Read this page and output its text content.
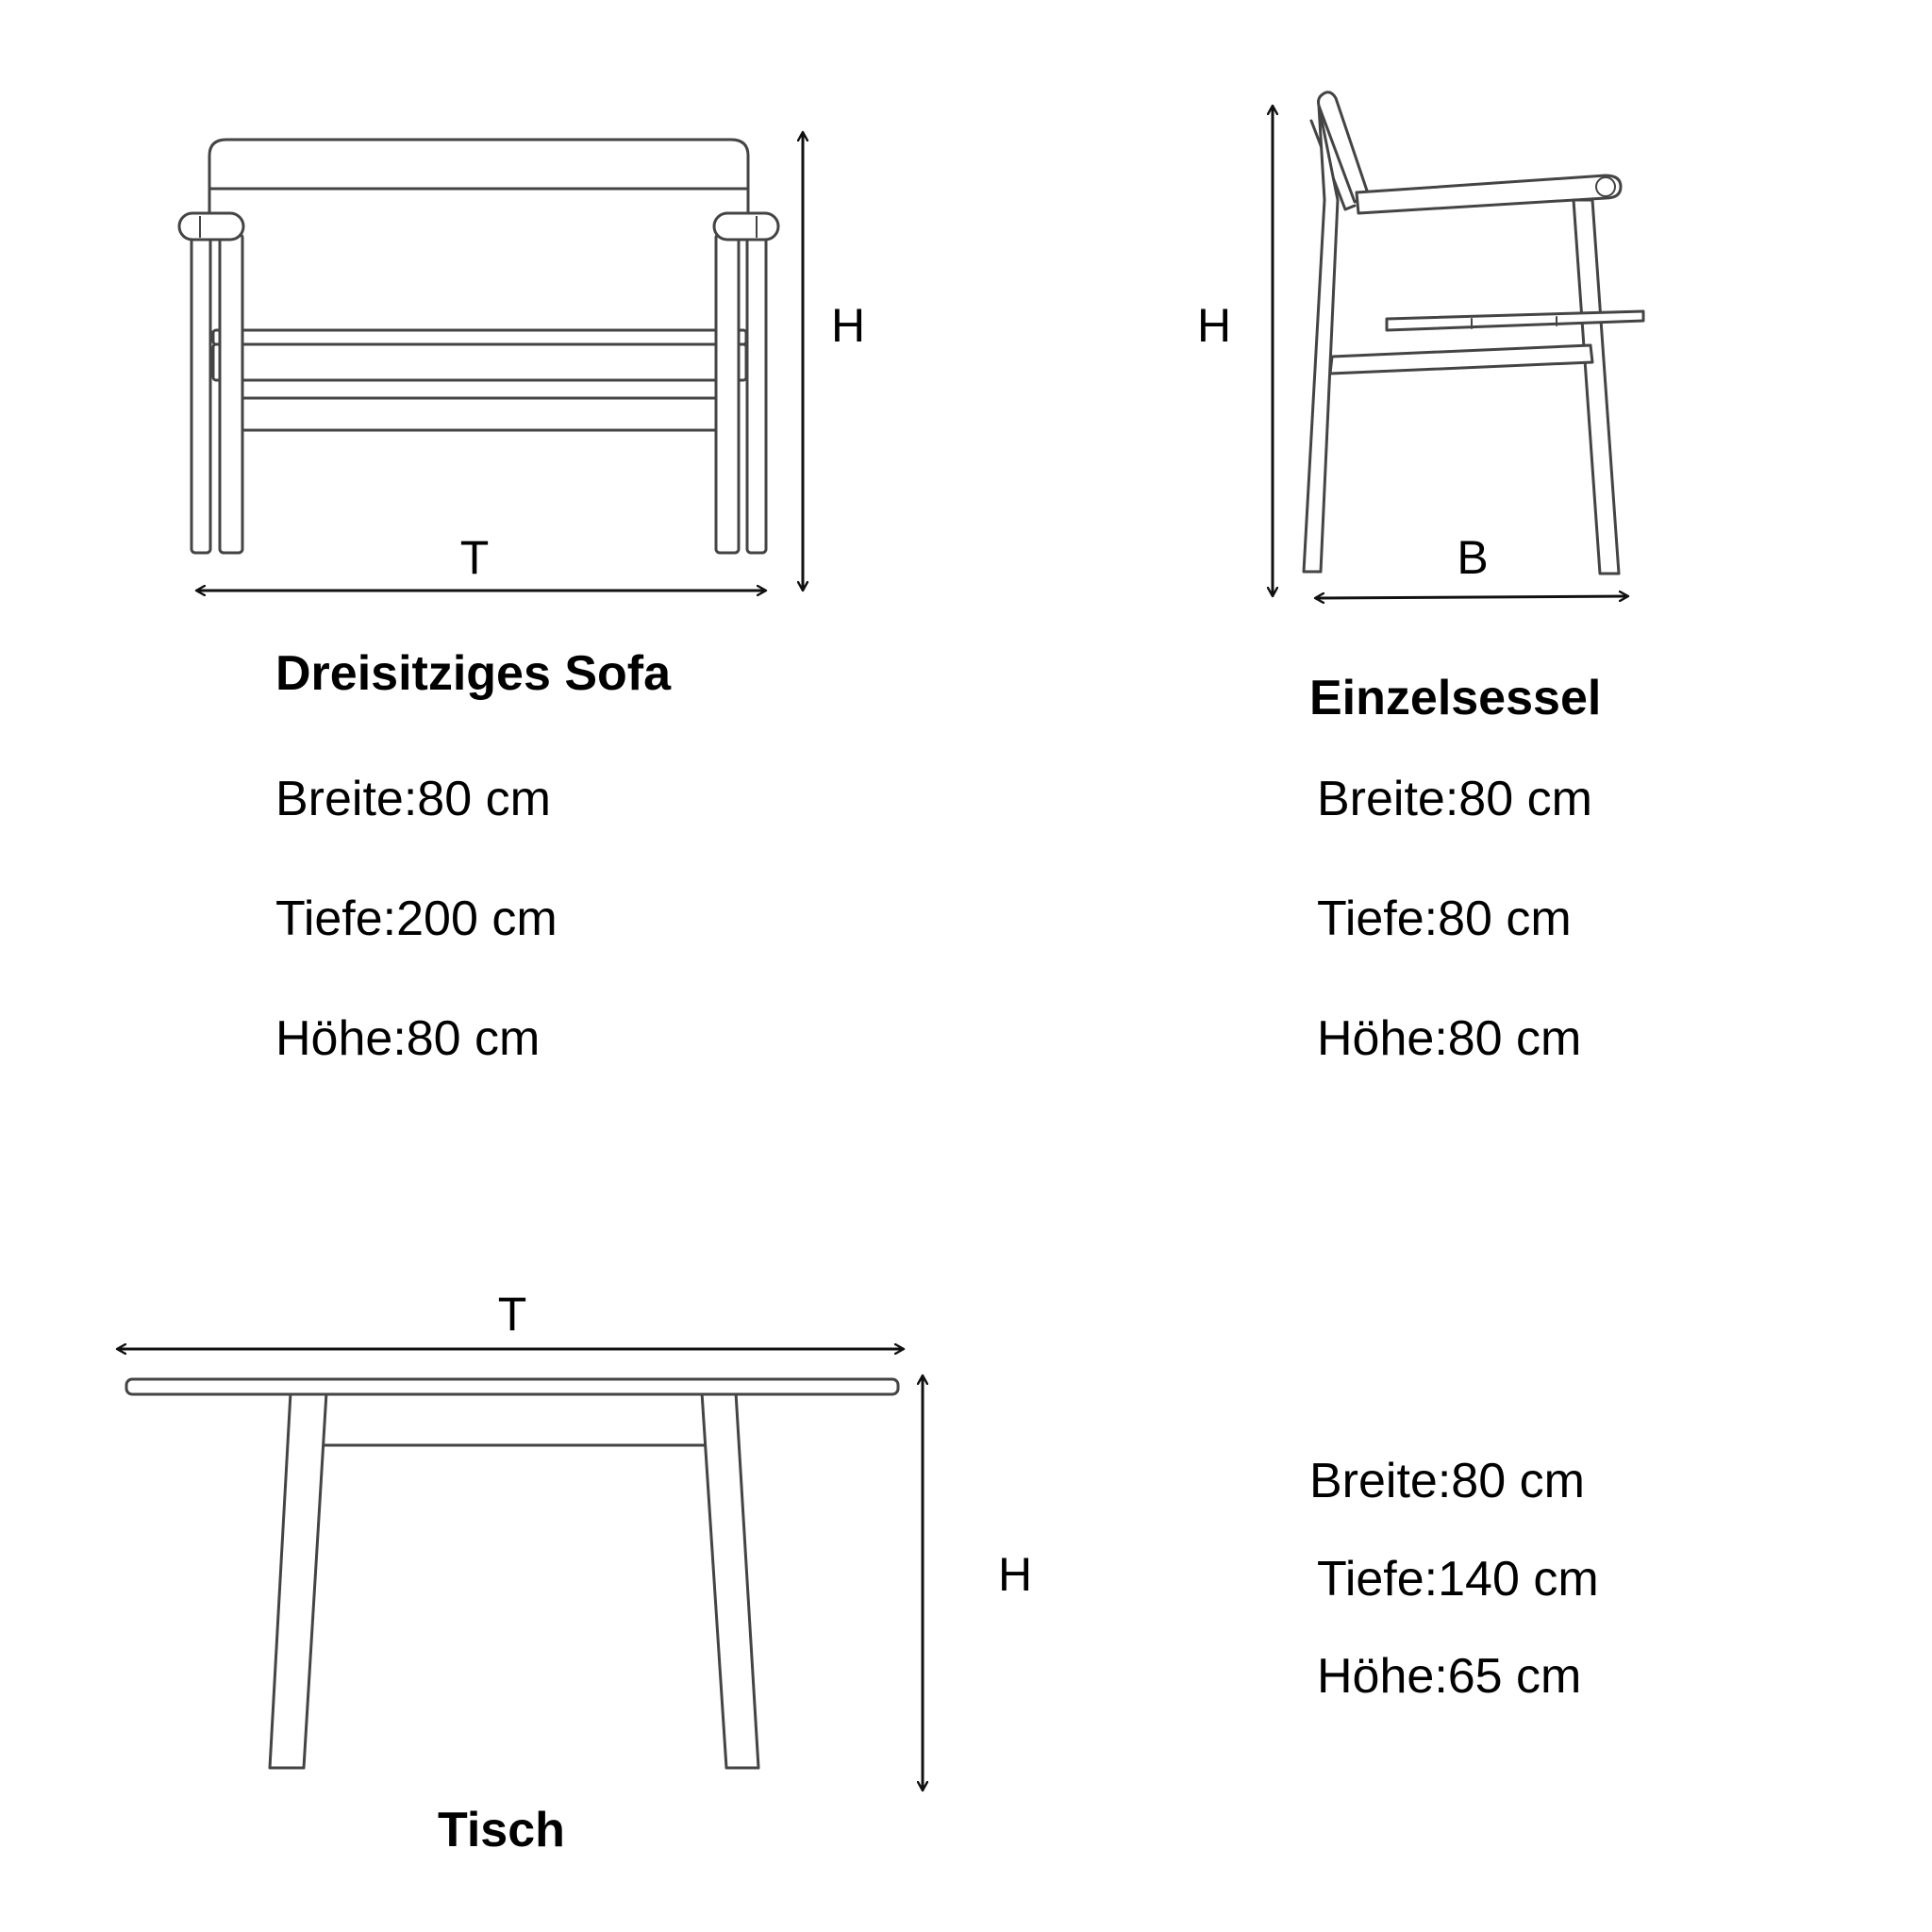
T
H	H
B
T
H
Dreisitziges Sofa
Breite:80 cm
Tiefe:200 cm
Höhe:80 cm
Einzelsessel
Breite:80 cm
Tiefe:80 cm
Höhe:80 cm
Breite:80 cm
Tiefe:140 cm
Höhe:65 cm
Tisch
